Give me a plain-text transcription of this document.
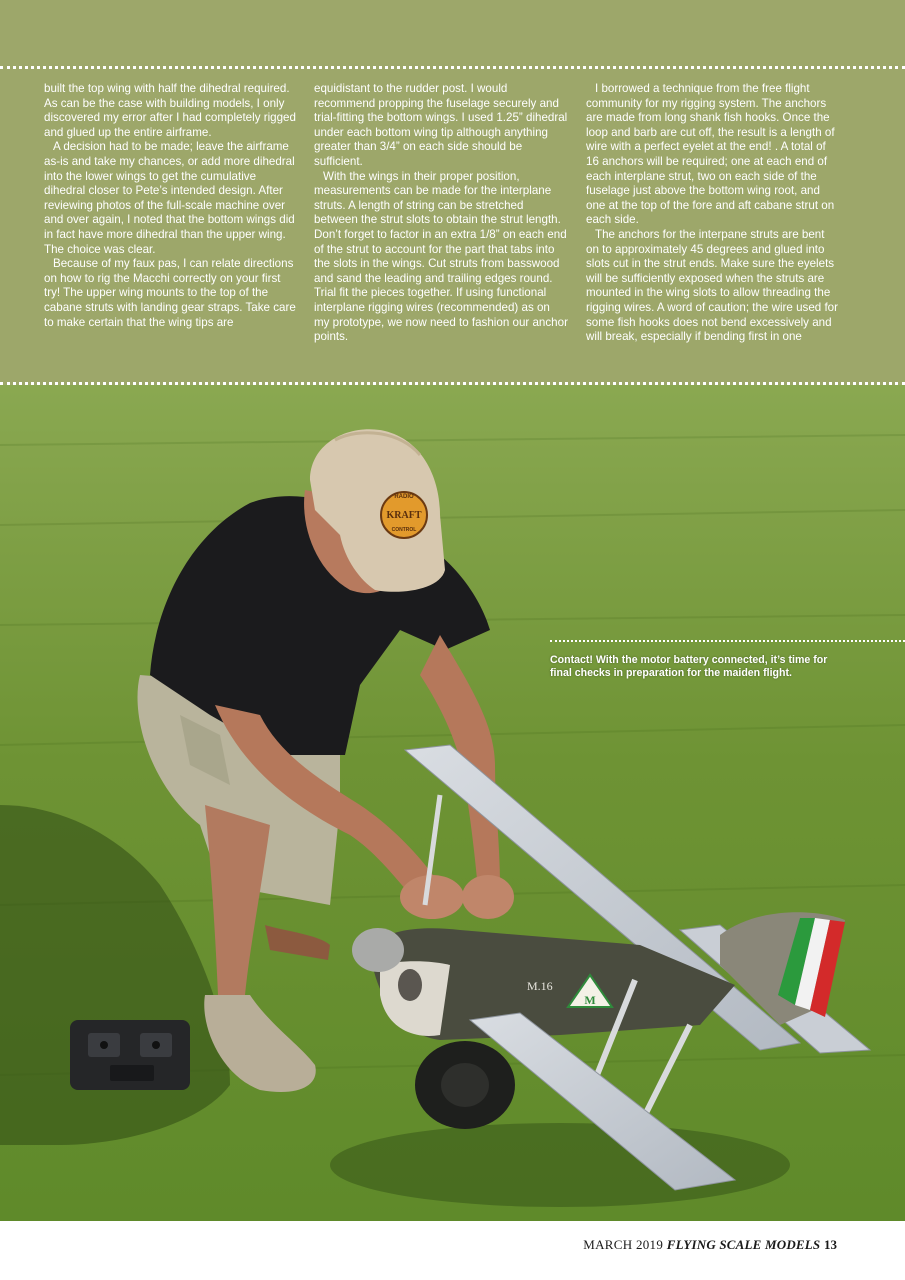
built the top wing with half the dihedral required. As can be the case with building models, I only discovered my error after I had completely rigged and glued up the entire airframe.

A decision had to be made; leave the airframe as-is and take my chances, or add more dihedral into the lower wings to get the cumulative dihedral closer to Pete’s intended design. After reviewing photos of the full-scale machine over and over again, I noted that the bottom wings did in fact have more dihedral than the upper wing. The choice was clear.

Because of my faux pas, I can relate directions on how to rig the Macchi correctly on your first try! The upper wing mounts to the top of the cabane struts with landing gear straps. Take care to make certain that the wing tips are

equidistant to the rudder post. I would recommend propping the fuselage securely and trial-fitting the bottom wings. I used 1.25” dihedral under each bottom wing tip although anything greater than 3/4” on each side should be sufficient.

With the wings in their proper position, measurements can be made for the interplane struts. A length of string can be stretched between the strut slots to obtain the strut length. Don’t forget to factor in an extra 1/8” on each end of the strut to account for the part that tabs into the slots in the wings. Cut struts from basswood and sand the leading and trailing edges round. Trial fit the pieces together. If using functional interplane rigging wires (recommended) as on my prototype, we now need to fashion our anchor points.

I borrowed a technique from the free flight community for my rigging system. The anchors are made from long shank fish hooks. Once the loop and barb are cut off, the result is a length of wire with a perfect eyelet at the end! . A total of 16 anchors will be required; one at each end of each interplane strut, two on each side of the fuselage just above the bottom wing root, and one at the top of the fore and aft cabane strut on each side.

The anchors for the interpane struts are bent on to approximately 45 degrees and glued into slots cut in the strut ends. Make sure the eyelets will be sufficiently exposed when the struts are mounted in the wing slots to allow threading the rigging wires. A word of caution; the wire used for some fish hooks does not bend excessively and will break, especially if bending first in one

RADIO
KRAFT
CONTROL
M.16
M
Contact! With the motor battery connected, it’s time for final checks in preparation for the maiden flight.
MARCH 2019 FLYING SCALE MODELS 13
